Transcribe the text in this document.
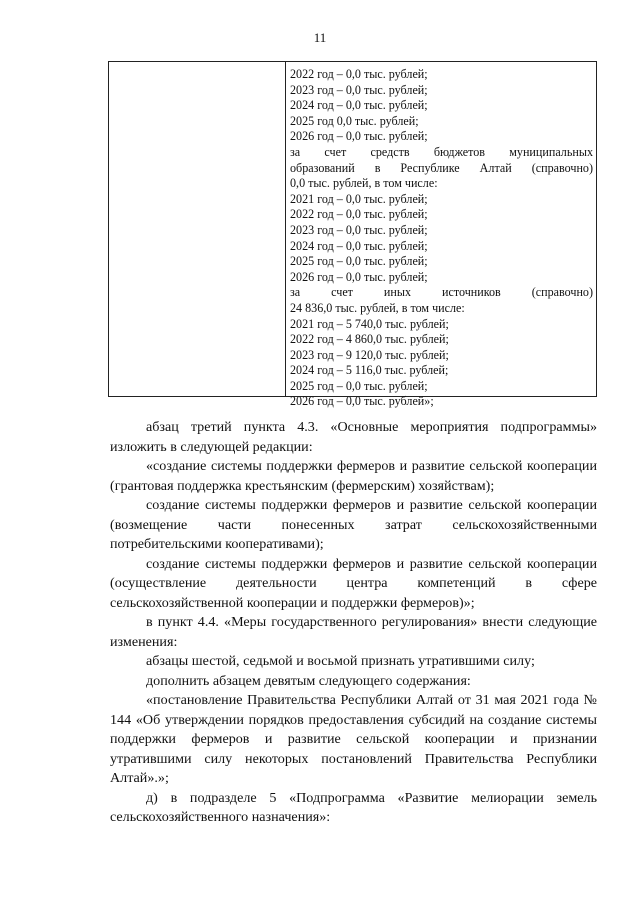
11
2022 год – 0,0 тыс. рублей;
2023 год – 0,0 тыс. рублей;
2024 год – 0,0 тыс. рублей;
2025 год 0,0 тыс. рублей;
2026 год – 0,0 тыс. рублей;
за счет средств бюджетов муниципальных
образований в Республике Алтай (справочно)
0,0 тыс. рублей, в том числе:
2021 год – 0,0 тыс. рублей;
2022 год – 0,0 тыс. рублей;
2023 год – 0,0 тыс. рублей;
2024 год – 0,0 тыс. рублей;
2025 год – 0,0 тыс. рублей;
2026 год – 0,0 тыс. рублей;
за счет иных источников (справочно)
24 836,0 тыс. рублей, в том числе:
2021 год – 5 740,0 тыс. рублей;
2022 год – 4 860,0 тыс. рублей;
2023 год – 9 120,0 тыс. рублей;
2024 год – 5 116,0 тыс. рублей;
2025 год – 0,0 тыс. рублей;
2026 год – 0,0 тыс. рублей»;

абзац третий пункта 4.3. «Основные мероприятия подпрограммы» изложить в следующей редакции:

«создание системы поддержки фермеров и развитие сельской кооперации (грантовая поддержка крестьянским (фермерским) хозяйствам);

создание системы поддержки фермеров и развитие сельской кооперации (возмещение части понесенных затрат сельскохозяйственными потребительскими кооперативами);

создание системы поддержки фермеров и развитие сельской кооперации (осуществление деятельности центра компетенций в сфере сельскохозяйственной кооперации и поддержки фермеров)»;

в пункт 4.4. «Меры государственного регулирования» внести следующие изменения:

абзацы шестой, седьмой и восьмой признать утратившими силу;

дополнить абзацем девятым следующего содержания:

«постановление Правительства Республики Алтай от 31 мая 2021 года № 144 «Об утверждении порядков предоставления субсидий на создание системы поддержки фермеров и развитие сельской кооперации и признании утратившими силу некоторых постановлений Правительства Республики Алтай».»;

д) в подразделе 5 «Подпрограмма «Развитие мелиорации земель сельскохозяйственного назначения»:
